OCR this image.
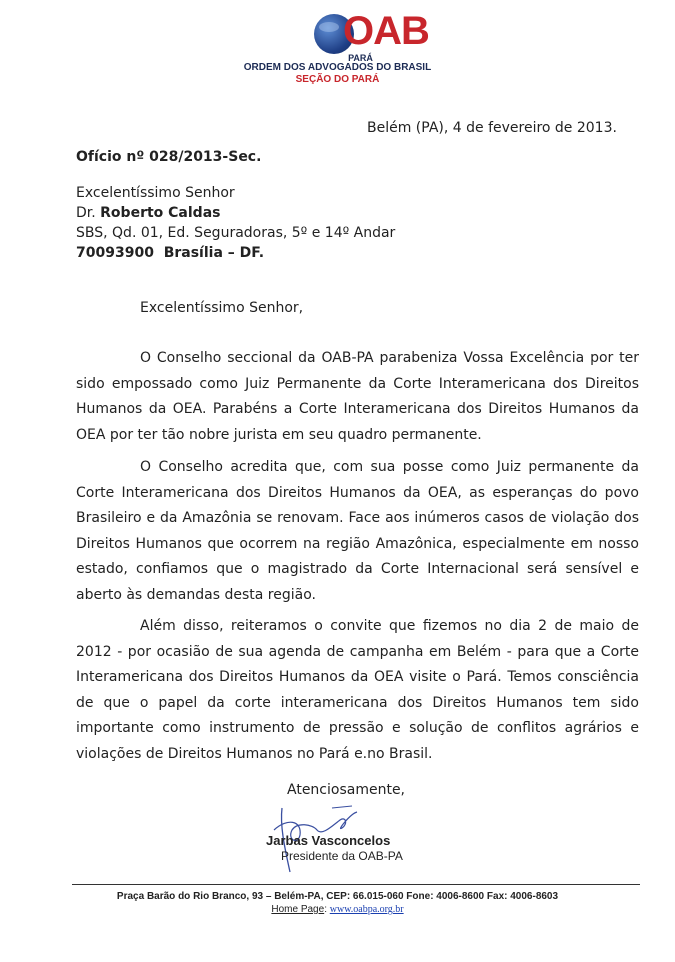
OAB
PARÁ
ORDEM DOS ADVOGADOS DO BRASIL
SEÇÃO DO PARÁ
Belém (PA), 4 de fevereiro de 2013.
Ofício nº 028/2013-Sec.
Excelentíssimo Senhor
Dr. Roberto Caldas
SBS, Qd. 01, Ed. Seguradoras, 5º e 14º Andar
70093900 Brasília – DF.
Excelentíssimo Senhor,

O Conselho seccional da OAB-PA parabeniza Vossa Excelência por ter sido empossado como Juiz Permanente da Corte Interamericana dos Direitos Humanos da OEA. Parabéns a Corte Interamericana dos Direitos Humanos da OEA por ter tão nobre jurista em seu quadro permanente.

O Conselho acredita que, com sua posse como Juiz permanente da Corte Interamericana dos Direitos Humanos da OEA, as esperanças do povo Brasileiro e da Amazônia se renovam. Face aos inúmeros casos de violação dos Direitos Humanos que ocorrem na região Amazônica, especialmente em nosso estado, confiamos que o magistrado da Corte Internacional será sensível e aberto às demandas desta região.

Além disso, reiteramos o convite que fizemos no dia 2 de maio de 2012 - por ocasião de sua agenda de campanha em Belém - para que a Corte Interamericana dos Direitos Humanos da OEA visite o Pará. Temos consciência de que o papel da corte interamericana dos Direitos Humanos tem sido importante como instrumento de pressão e solução de conflitos agrários e violações de Direitos Humanos no Pará e.no Brasil.

Atenciosamente,
Jarbas Vasconcelos
Presidente da OAB-PA
Praça Barão do Rio Branco, 93 – Belém-PA, CEP: 66.015-060 Fone: 4006-8600 Fax: 4006-8603
Home Page: www.oabpa.org.br
